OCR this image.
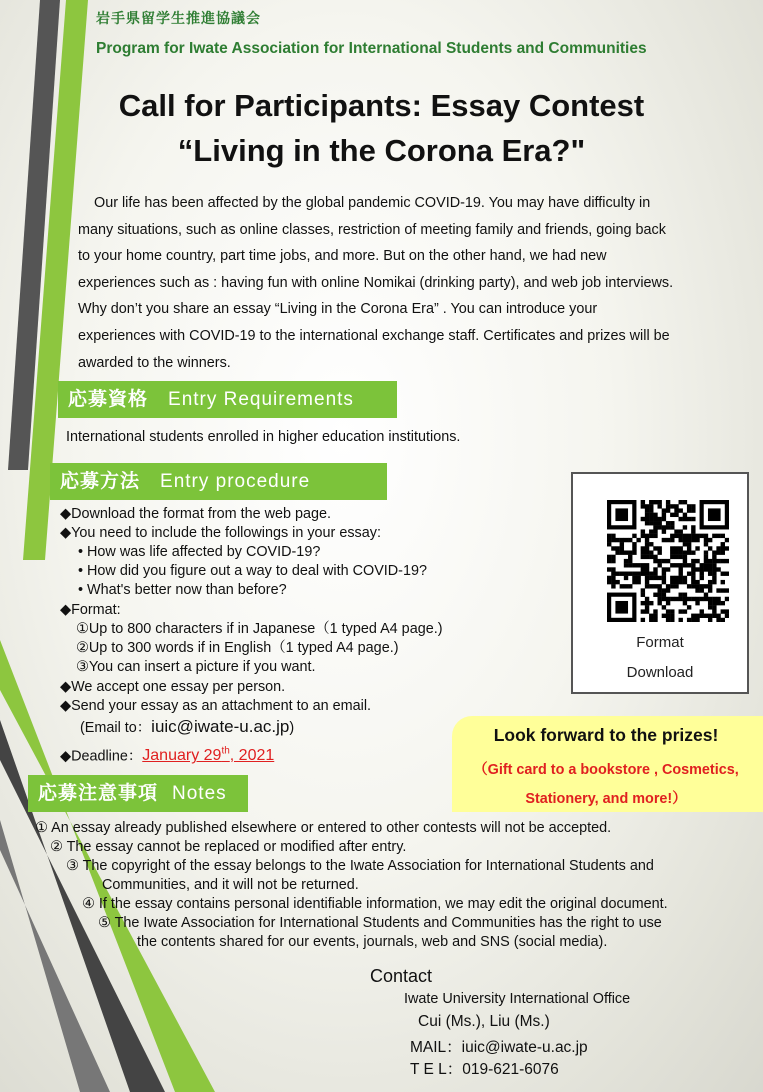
岩手県留学生推進協議会
Program for Iwate Association for International Students and Communities
Call for Participants: Essay Contest
“Living in the Corona Era?"
Our life has been affected by the global pandemic COVID-19. You may have difficulty in
many situations, such as online classes, restriction of meeting family and friends, going back
to your home country, part time jobs, and more. But on the other hand, we had new
experiences such as : having fun with online Nomikai (drinking party), and web job interviews.
Why don’t you share an essay “Living in the Corona Era” . You can introduce your
experiences with COVID-19 to the international exchange staff. Certificates and prizes will be
awarded to the winners.
応募資格 Entry Requirements
International students enrolled in higher education institutions.
応募方法 Entry procedure
◆Download the format from the web page.
◆You need to include the followings in your essay:
• How was life affected by COVID-19?
• How did you figure out a way to deal with COVID-19?
• What's better now than before?
◆Format:
①Up to 800 characters if in Japanese（1 typed A4 page.)
②Up to 300 words if in English（1 typed A4 page.)
③You can insert a picture if you want.
◆We accept one essay per person.
◆Send your essay as an attachment to an email.
(Email to：iuic@iwate-u.ac.jp)
◆Deadline：January 29th, 2021
Format
Download
Look forward to the prizes!
（Gift card to a bookstore , Cosmetics,
Stationery, and more!）
応募注意事項 Notes
① An essay already published elsewhere or entered to other contests will not be accepted.
② The essay cannot be replaced or modified after entry.
③ The copyright of the essay belongs to the Iwate Association for International Students and
Communities, and it will not be returned.
④ If the essay contains personal identifiable information, we may edit the original document.
⑤ The Iwate Association for International Students and Communities has the right to use
the contents shared for our events, journals, web and SNS (social media).
Contact
Iwate University International Office
Cui (Ms.), Liu (Ms.)
MAIL：iuic@iwate-u.ac.jp
T E L：019-621-6076
